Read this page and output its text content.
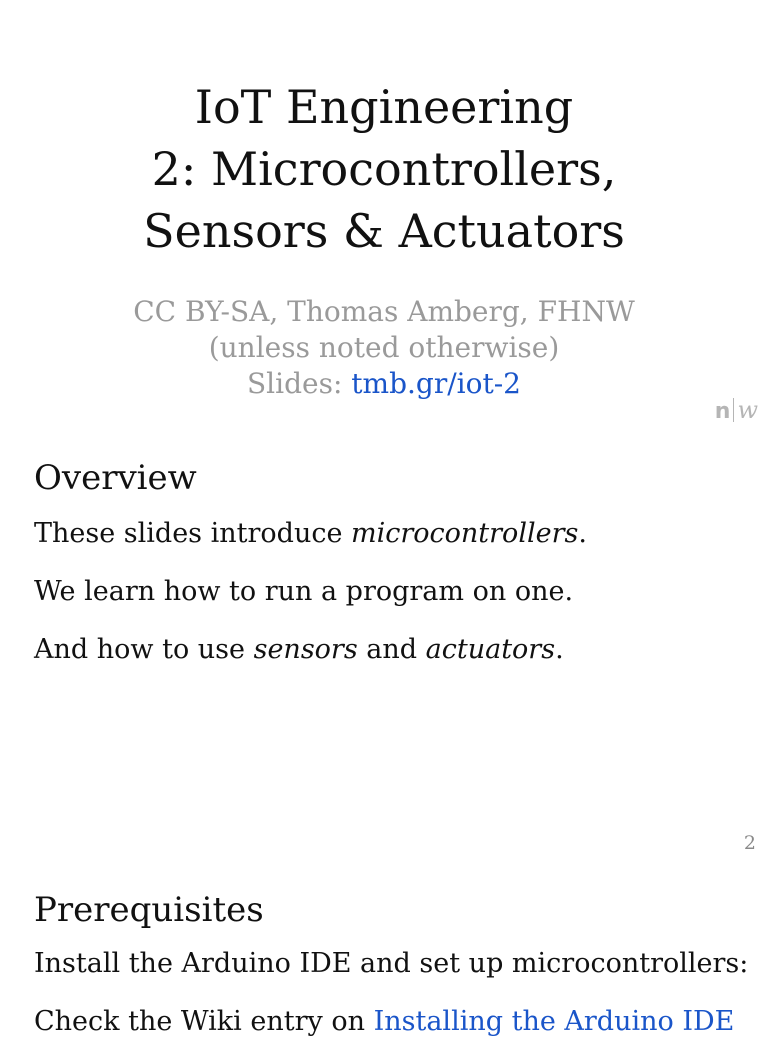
IoT Engineering
2: Microcontrollers,
Sensors & Actuators
CC BY-SA, Thomas Amberg, FHNW
(unless noted otherwise)
Slides: tmb.gr/iot-2
n w
Overview

These slides introduce microcontrollers.

We learn how to run a program on one.

And how to use sensors and actuators.

2
Prerequisites
Install the Arduino IDE and set up microcontrollers:
Check the Wiki entry on Installing the Arduino IDE
